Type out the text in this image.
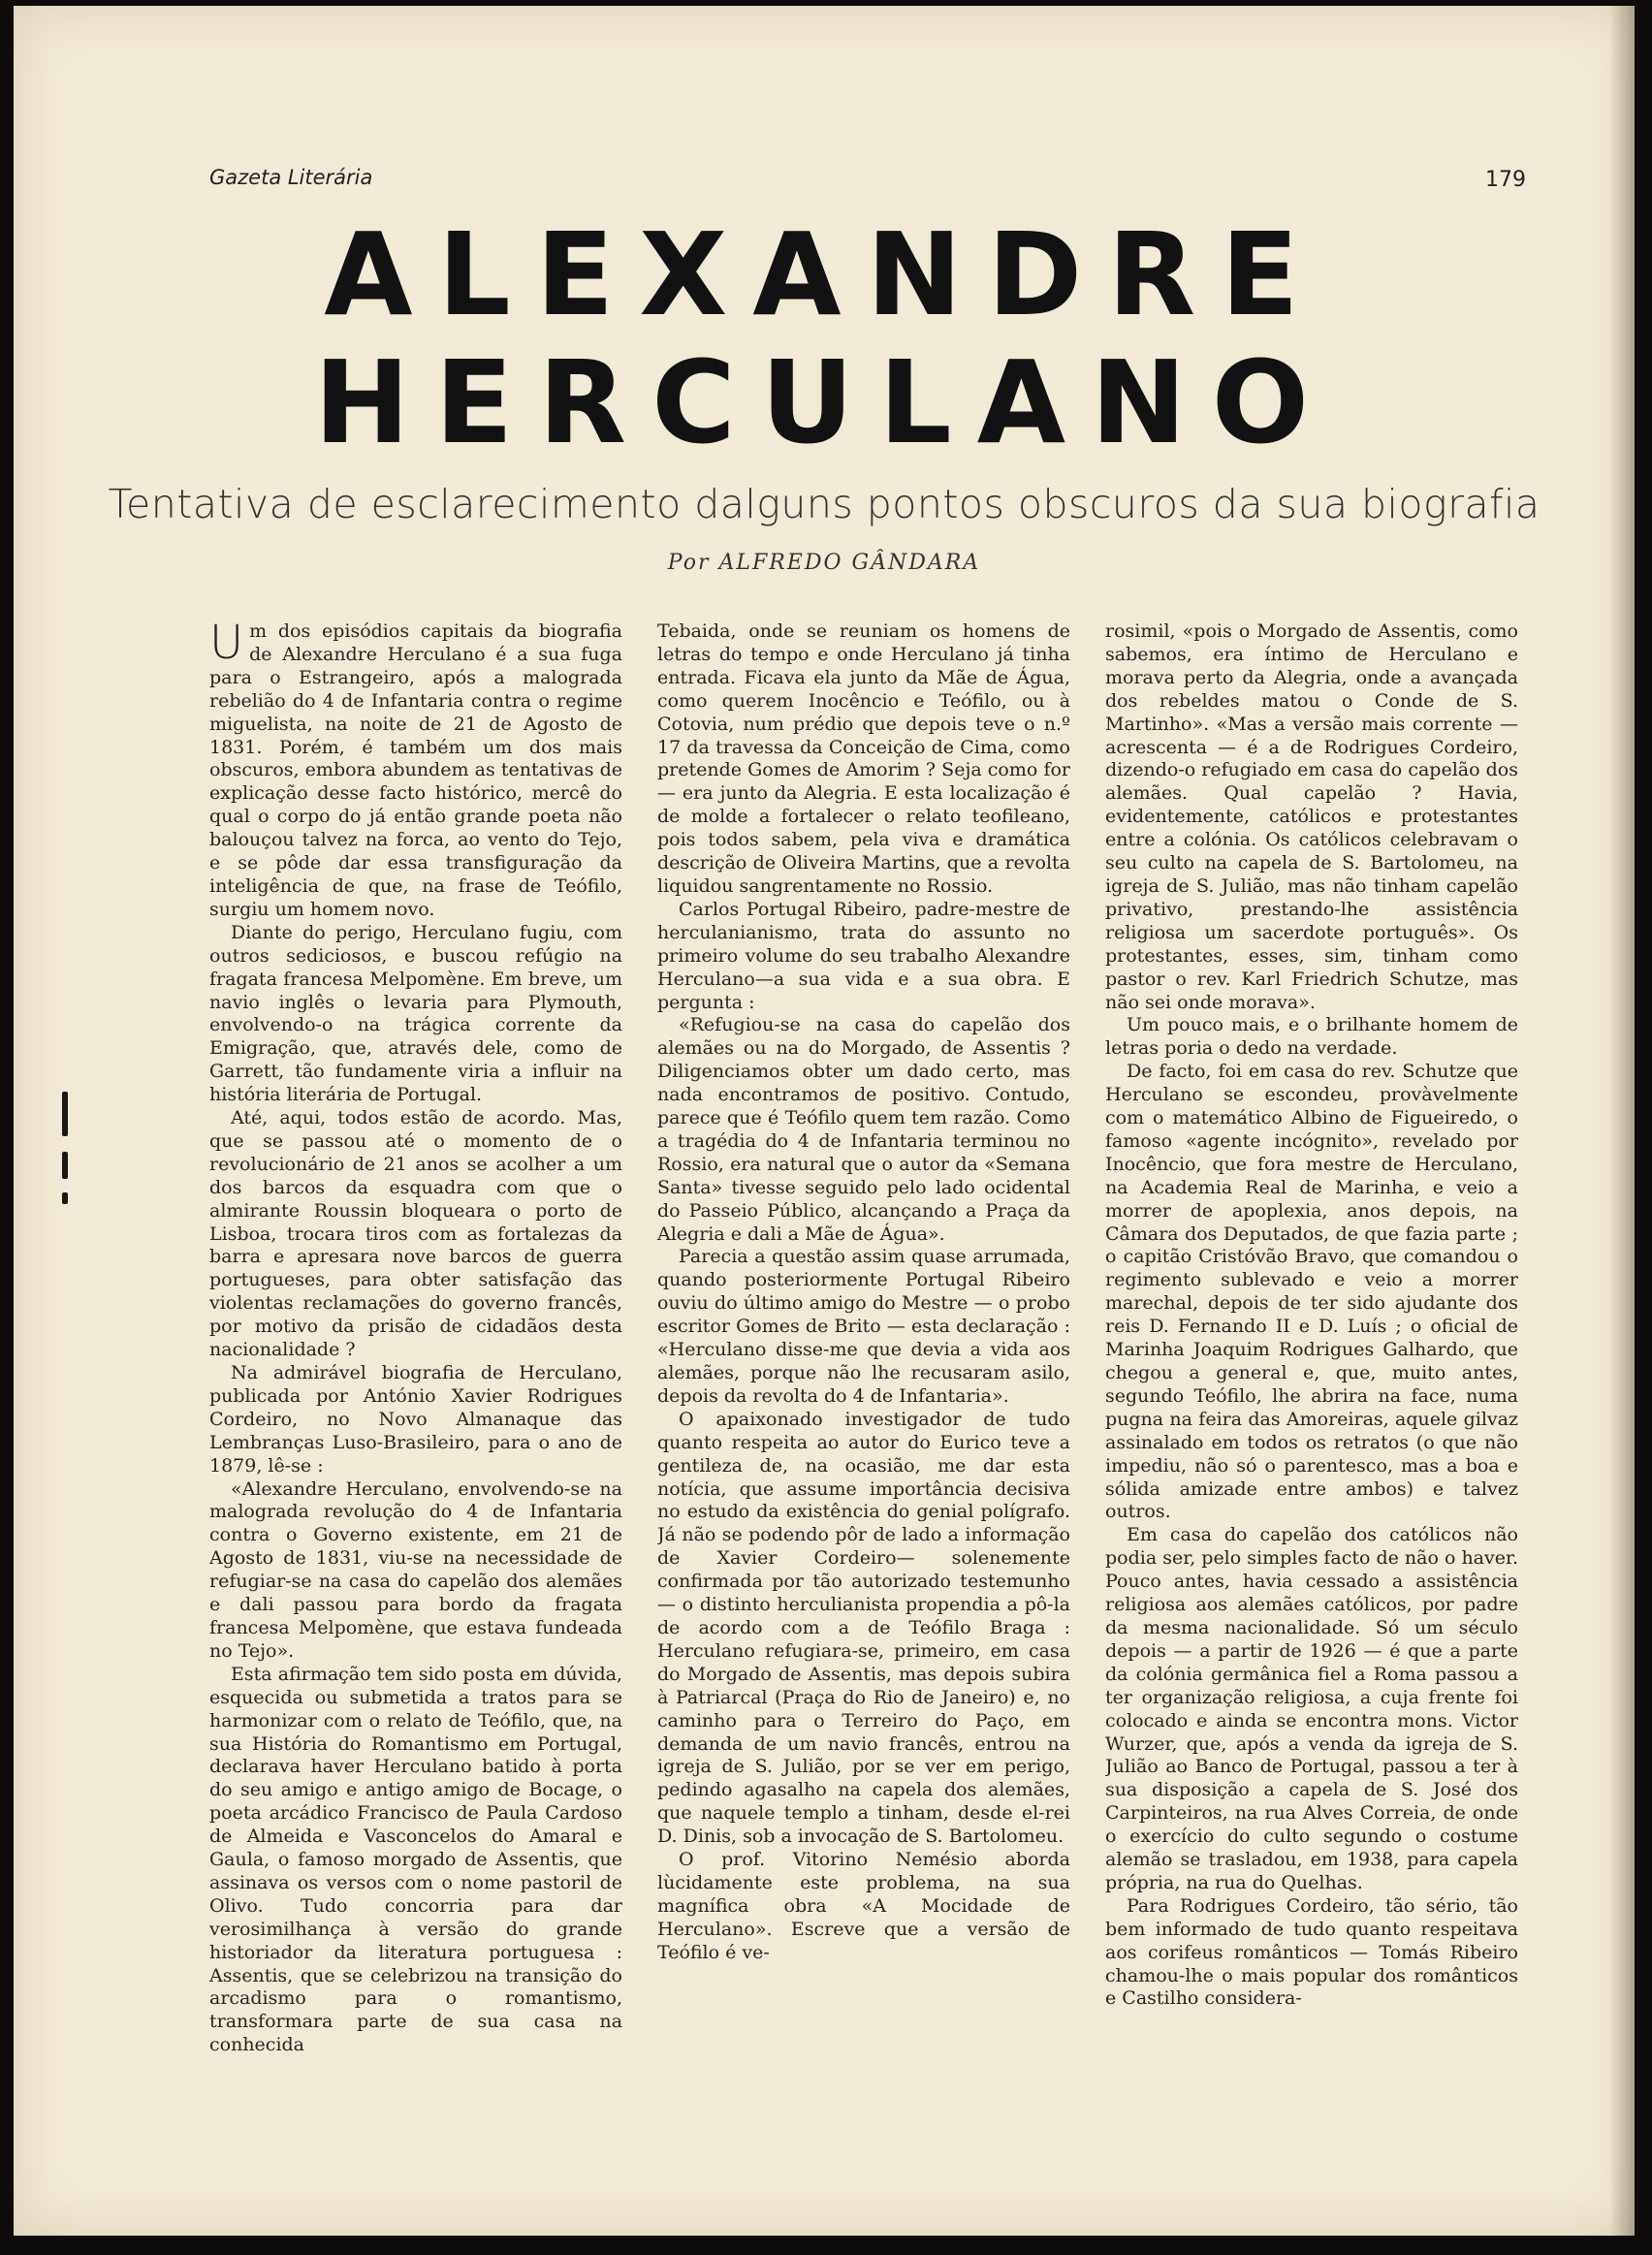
Gazeta Literária	179
ALEXANDRE
HERCULANO
Tentativa de esclarecimento dalguns pontos obscuros da sua biografia
Por ALFREDO GÂNDARA

Um dos episódios capitais da biografia de Alexandre Herculano é a sua fuga para o Estrangeiro, após a malograda rebelião do 4 de Infantaria contra o regime miguelista, na noite de 21 de Agosto de 1831. Porém, é também um dos mais obscuros, embora abundem as tentativas de explicação desse facto histórico, mercê do qual o corpo do já então grande poeta não balouçou talvez na forca, ao vento do Tejo, e se pôde dar essa transfiguração da inteligência de que, na frase de Teófilo, surgiu um homem novo.

Diante do perigo, Herculano fugiu, com outros sediciosos, e buscou refúgio na fragata francesa Melpomène. Em breve, um navio inglês o levaria para Plymouth, envolvendo-o na trágica corrente da Emigração, que, através dele, como de Garrett, tão fundamente viria a influir na história literária de Portugal.

Até, aqui, todos estão de acordo. Mas, que se passou até o momento de o revolucionário de 21 anos se acolher a um dos barcos da esquadra com que o almirante Roussin bloqueara o porto de Lisboa, trocara tiros com as fortalezas da barra e apresara nove barcos de guerra portugueses, para obter satisfação das violentas reclamações do governo francês, por motivo da prisão de cidadãos desta nacionalidade ?

Na admirável biografia de Herculano, publicada por António Xavier Rodrigues Cordeiro, no Novo Almanaque das Lembranças Luso-Brasileiro, para o ano de 1879, lê-se :

«Alexandre Herculano, envolvendo-se na malograda revolução do 4 de Infantaria contra o Governo existente, em 21 de Agosto de 1831, viu-se na necessidade de refugiar-se na casa do capelão dos alemães e dali passou para bordo da fragata francesa Melpomène, que estava fundeada no Tejo».

Esta afirmação tem sido posta em dúvida, esquecida ou submetida a tratos para se harmonizar com o relato de Teófilo, que, na sua História do Romantismo em Portugal, declarava haver Herculano batido à porta do seu amigo e antigo amigo de Bocage, o poeta arcádico Francisco de Paula Cardoso de Almeida e Vasconcelos do Amaral e Gaula, o famoso morgado de Assentis, que assinava os versos com o nome pastoril de Olivo. Tudo concorria para dar verosimilhança à versão do grande historiador da literatura portuguesa : Assentis, que se celebrizou na transição do arcadismo para o romantismo, transformara parte de sua casa na conhecida

Tebaida, onde se reuniam os homens de letras do tempo e onde Herculano já tinha entrada. Ficava ela junto da Mãe de Água, como querem Inocêncio e Teófilo, ou à Cotovia, num prédio que depois teve o n.º 17 da travessa da Conceição de Cima, como pretende Gomes de Amorim ? Seja como for — era junto da Alegria. E esta localização é de molde a fortalecer o relato teofileano, pois todos sabem, pela viva e dramática descrição de Oliveira Martins, que a revolta liquidou sangrentamente no Rossio.

Carlos Portugal Ribeiro, padre-mestre de herculanianismo, trata do assunto no primeiro volume do seu trabalho Alexandre Herculano—a sua vida e a sua obra. E pergunta :

«Refugiou-se na casa do capelão dos alemães ou na do Morgado, de Assentis ? Diligenciamos obter um dado certo, mas nada encontramos de positivo. Contudo, parece que é Teófilo quem tem razão. Como a tragédia do 4 de Infantaria terminou no Rossio, era natural que o autor da «Semana Santa» tivesse seguido pelo lado ocidental do Passeio Público, alcançando a Praça da Alegria e dali a Mãe de Água».

Parecia a questão assim quase arrumada, quando posteriormente Portugal Ribeiro ouviu do último amigo do Mestre — o probo escritor Gomes de Brito — esta declaração : «Herculano disse-me que devia a vida aos alemães, porque não lhe recusaram asilo, depois da revolta do 4 de Infantaria».

O apaixonado investigador de tudo quanto respeita ao autor do Eurico teve a gentileza de, na ocasião, me dar esta notícia, que assume importância decisiva no estudo da existência do genial polígrafo. Já não se podendo pôr de lado a informação de Xavier Cordeiro— solenemente confirmada por tão autorizado testemunho — o distinto herculianista propendia a pô-la de acordo com a de Teófilo Braga : Herculano refugiara-se, primeiro, em casa do Morgado de Assentis, mas depois subira à Patriarcal (Praça do Rio de Janeiro) e, no caminho para o Terreiro do Paço, em demanda de um navio francês, entrou na igreja de S. Julião, por se ver em perigo, pedindo agasalho na capela dos alemães, que naquele templo a tinham, desde el-rei D. Dinis, sob a invocação de S. Bartolomeu.

O prof. Vitorino Nemésio aborda lùcidamente este problema, na sua magnífica obra «A Mocidade de Herculano». Escreve que a versão de Teófilo é ve-

rosimil, «pois o Morgado de Assentis, como sabemos, era íntimo de Herculano e morava perto da Alegria, onde a avançada dos rebeldes matou o Conde de S. Martinho». «Mas a versão mais corrente — acrescenta — é a de Rodrigues Cordeiro, dizendo-o refugiado em casa do capelão dos alemães. Qual capelão ? Havia, evidentemente, católicos e protestantes entre a colónia. Os católicos celebravam o seu culto na capela de S. Bartolomeu, na igreja de S. Julião, mas não tinham capelão privativo, prestando-lhe assistência religiosa um sacerdote português». Os protestantes, esses, sim, tinham como pastor o rev. Karl Friedrich Schutze, mas não sei onde morava».

Um pouco mais, e o brilhante homem de letras poria o dedo na verdade.

De facto, foi em casa do rev. Schutze que Herculano se escondeu, provàvelmente com o matemático Albino de Figueiredo, o famoso «agente incógnito», revelado por Inocêncio, que fora mestre de Herculano, na Academia Real de Marinha, e veio a morrer de apoplexia, anos depois, na Câmara dos Deputados, de que fazia parte ; o capitão Cristóvão Bravo, que comandou o regimento sublevado e veio a morrer marechal, depois de ter sido ajudante dos reis D. Fernando II e D. Luís ; o oficial de Marinha Joaquim Rodrigues Galhardo, que chegou a general e, que, muito antes, segundo Teófilo, lhe abrira na face, numa pugna na feira das Amoreiras, aquele gilvaz assinalado em todos os retratos (o que não impediu, não só o parentesco, mas a boa e sólida amizade entre ambos) e talvez outros.

Em casa do capelão dos católicos não podia ser, pelo simples facto de não o haver. Pouco antes, havia cessado a assistência religiosa aos alemães católicos, por padre da mesma nacionalidade. Só um século depois — a partir de 1926 — é que a parte da colónia germânica fiel a Roma passou a ter organização religiosa, a cuja frente foi colocado e ainda se encontra mons. Victor Wurzer, que, após a venda da igreja de S. Julião ao Banco de Portugal, passou a ter à sua disposição a capela de S. José dos Carpinteiros, na rua Alves Correia, de onde o exercício do culto segundo o costume alemão se trasladou, em 1938, para capela própria, na rua do Quelhas.

Para Rodrigues Cordeiro, tão sério, tão bem informado de tudo quanto respeitava aos corifeus românticos — Tomás Ribeiro chamou-lhe o mais popular dos românticos e Castilho considera-
